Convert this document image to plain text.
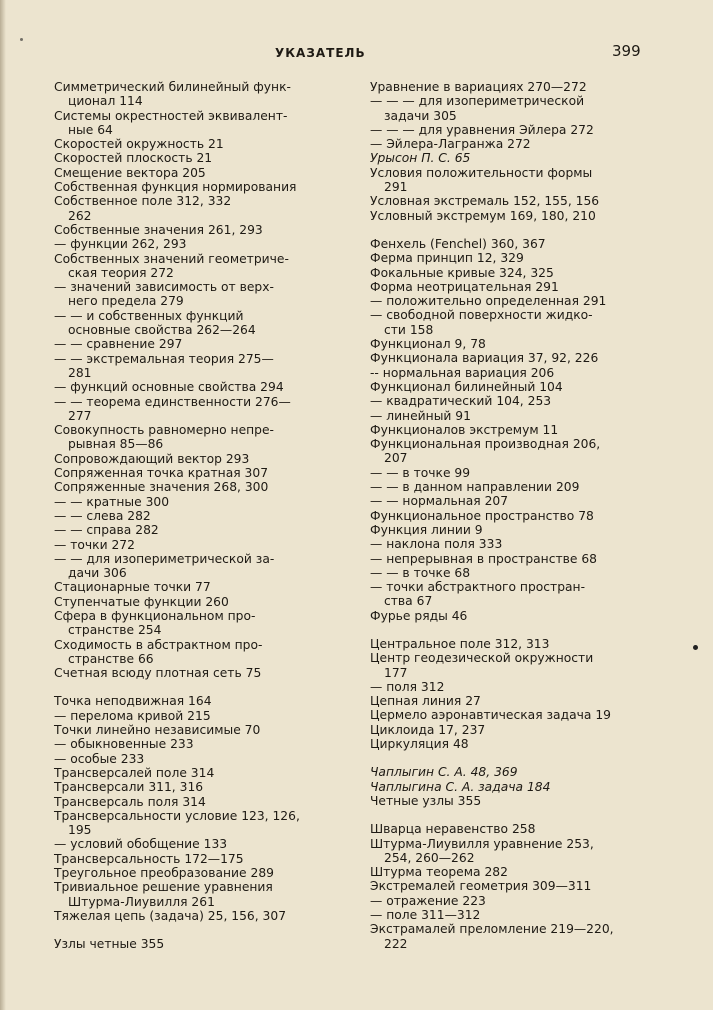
УКАЗАТЕЛЬ	399

Симметрический билинейный функ-

ционал 114

Системы окрестностей эквивалент-

ные 64

Скоростей окружность 21

Скоростей плоскость 21

Смещение вектора 205

Собственная функция нормирования

Собственное поле 312, 332

262

Собственные значения 261, 293

— функции 262, 293

Собственных значений геометриче-

ская теория 272

— значений зависимость от верх-

него предела 279

— — и собственных функций

основные свойства 262—264

— — сравнение 297

— — экстремальная теория 275—

281

— функций основные свойства 294

— — теорема единственности 276—

277

Совокупность равномерно непре-

рывная 85—86

Сопровождающий вектор 293

Сопряженная точка кратная 307

Сопряженные значения 268, 300

— — кратные 300

— — слева 282

— — справа 282

— точки 272

— — для изопериметрической за-

дачи 306

Стационарные точки 77

Ступенчатые функции 260

Сфера в функциональном про-

странстве 254

Сходимость в абстрактном про-

странстве 66

Счетная всюду плотная сеть 75

Точка неподвижная 164

— перелома кривой 215

Точки линейно независимые 70

— обыкновенные 233

— особые 233

Трансверсалей поле 314

Трансверсали 311, 316

Трансверсаль поля 314

Трансверсальности условие 123, 126,

195

— условий обобщение 133

Трансверсальность 172—175

Треугольное преобразование 289

Тривиальное решение уравнения

Штурма-Лиувилля 261

Тяжелая цепь (задача) 25, 156, 307

Узлы четные 355

Уравнение в вариациях 270—272

— — — для изопериметрической

задачи 305

— — — для уравнения Эйлера 272

— Эйлера-Лагранжа 272

Урысон П. С. 65

Условия положительности формы

291

Условная экстремаль 152, 155, 156

Условный экстремум 169, 180, 210

Фенхель (Fenchel) 360, 367

Ферма принцип 12, 329

Фокальные кривые 324, 325

Форма неотрицательная 291

— положительно определенная 291

— свободной поверхности жидко-

сти 158

Функционал 9, 78

Функционала вариация 37, 92, 226

-- нормальная вариация 206

Функционал билинейный 104

— квадратический 104, 253

— линейный 91

Функционалов экстремум 11

Функциональная производная 206,

207

— — в точке 99

— — в данном направлении 209

— — нормальная 207

Функциональное пространство 78

Функция линии 9

— наклона поля 333

— непрерывная в пространстве 68

— — в точке 68

— точки абстрактного простран-

ства 67

Фурье ряды 46

Центральное поле 312, 313

Центр геодезической окружности

177

— поля 312

Цепная линия 27

Цермело аэронавтическая задача 19

Циклоида 17, 237

Циркуляция 48

Чаплыгин С. А. 48, 369

Чаплыгина С. А. задача 184

Четные узлы 355

Шварца неравенство 258

Штурма-Лиувилля уравнение 253,

254, 260—262

Штурма теорема 282

Экстремалей геометрия 309—311

— отражение 223

— поле 311—312

Экстрамалей преломление 219—220,

222
